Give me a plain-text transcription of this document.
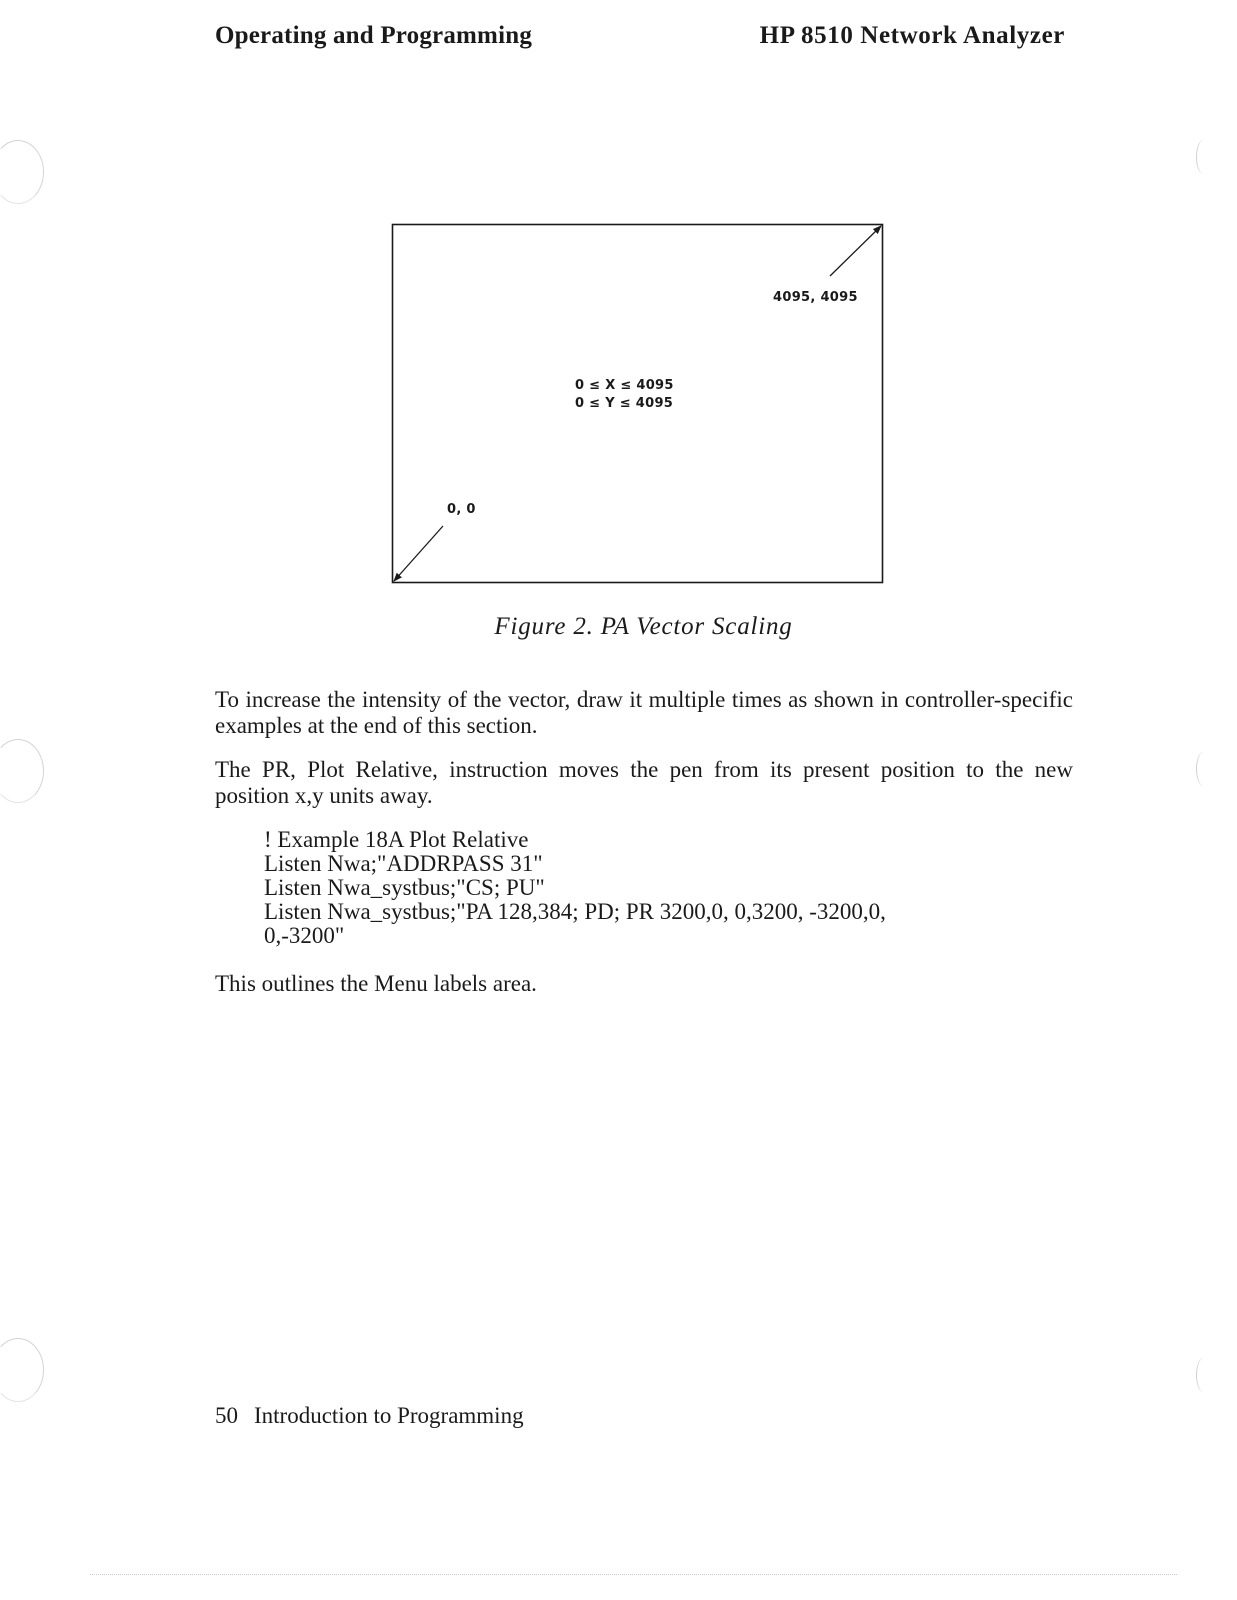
Operating and Programming	HP 8510 Network Analyzer
4095, 4095
0 ≤ X ≤ 4095
0 ≤ Y ≤ 4095
0, 0
Figure 2. PA Vector Scaling
To increase the intensity of the vector, draw it multiple times as shown in controller-specific examples at the end of this section.
The PR, Plot Relative, instruction moves the pen from its present position to the new position x,y units away.
! Example 18A Plot Relative
Listen Nwa;"ADDRPASS 31"
Listen Nwa_systbus;"CS; PU"
Listen Nwa_systbus;"PA 128,384; PD; PR 3200,0, 0,3200, -3200,0,
0,-3200"
This outlines the Menu labels area.
50 Introduction to Programming
